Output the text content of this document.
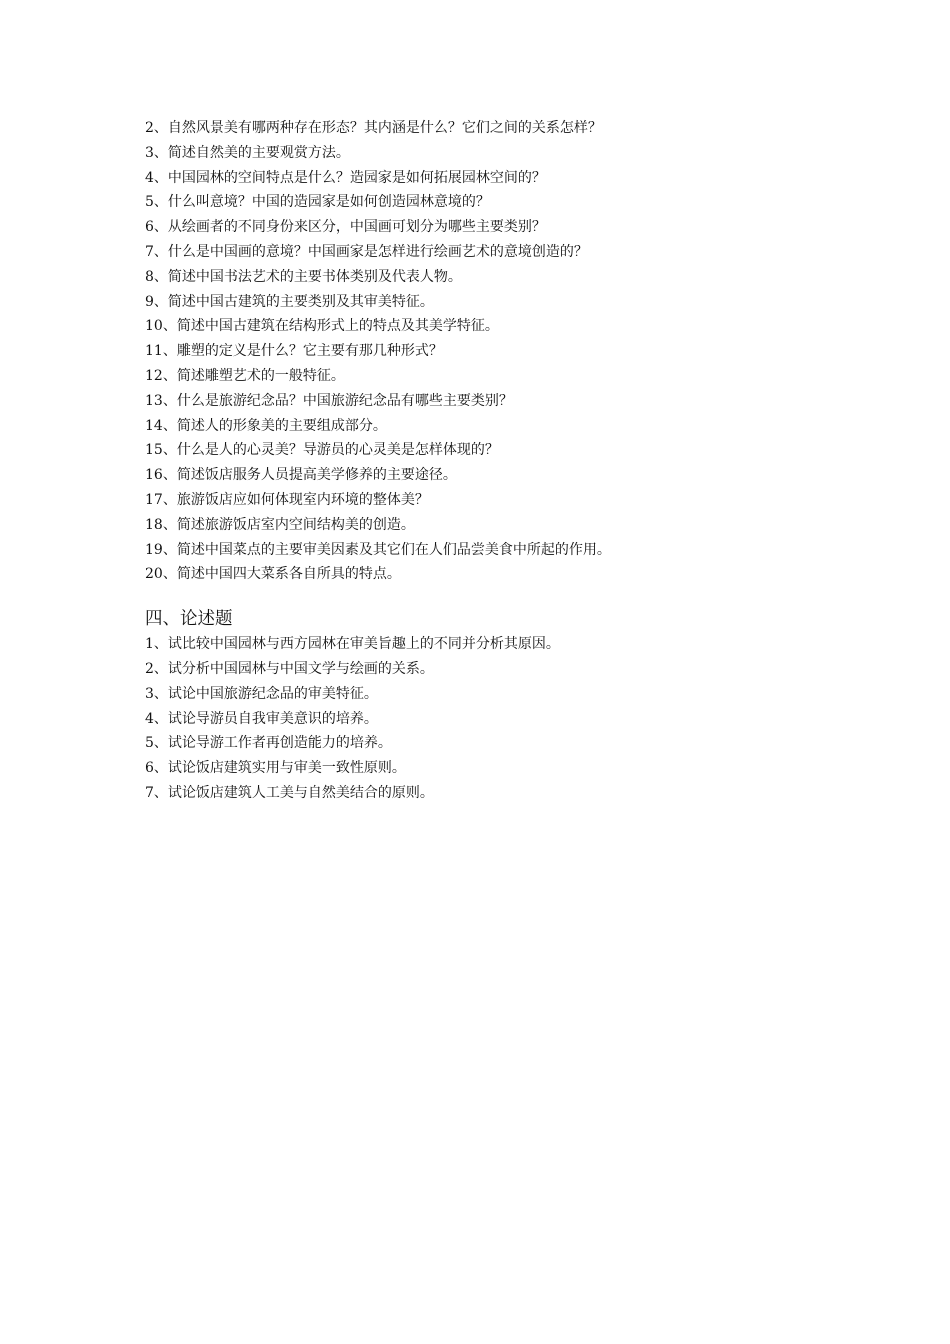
2、自然风景美有哪两种存在形态？其内涵是什么？它们之间的关系怎样？
3、简述自然美的主要观赏方法。
4、中国园林的空间特点是什么？造园家是如何拓展园林空间的？
5、什么叫意境？中国的造园家是如何创造园林意境的？
6、从绘画者的不同身份来区分，中国画可划分为哪些主要类别？
7、什么是中国画的意境？中国画家是怎样进行绘画艺术的意境创造的？
8、简述中国书法艺术的主要书体类别及代表人物。
9、简述中国古建筑的主要类别及其审美特征。
10、简述中国古建筑在结构形式上的特点及其美学特征。
11、雕塑的定义是什么？它主要有那几种形式？
12、简述雕塑艺术的一般特征。
13、什么是旅游纪念品？中国旅游纪念品有哪些主要类别？
14、简述人的形象美的主要组成部分。
15、什么是人的心灵美？导游员的心灵美是怎样体现的？
16、简述饭店服务人员提高美学修养的主要途径。
17、旅游饭店应如何体现室内环境的整体美？
18、简述旅游饭店室内空间结构美的创造。
19、简述中国菜点的主要审美因素及其它们在人们品尝美食中所起的作用。
20、简述中国四大菜系各自所具的特点。
四、论述题
1、试比较中国园林与西方园林在审美旨趣上的不同并分析其原因。
2、试分析中国园林与中国文学与绘画的关系。
3、试论中国旅游纪念品的审美特征。
4、试论导游员自我审美意识的培养。
5、试论导游工作者再创造能力的培养。
6、试论饭店建筑实用与审美一致性原则。
7、试论饭店建筑人工美与自然美结合的原则。
